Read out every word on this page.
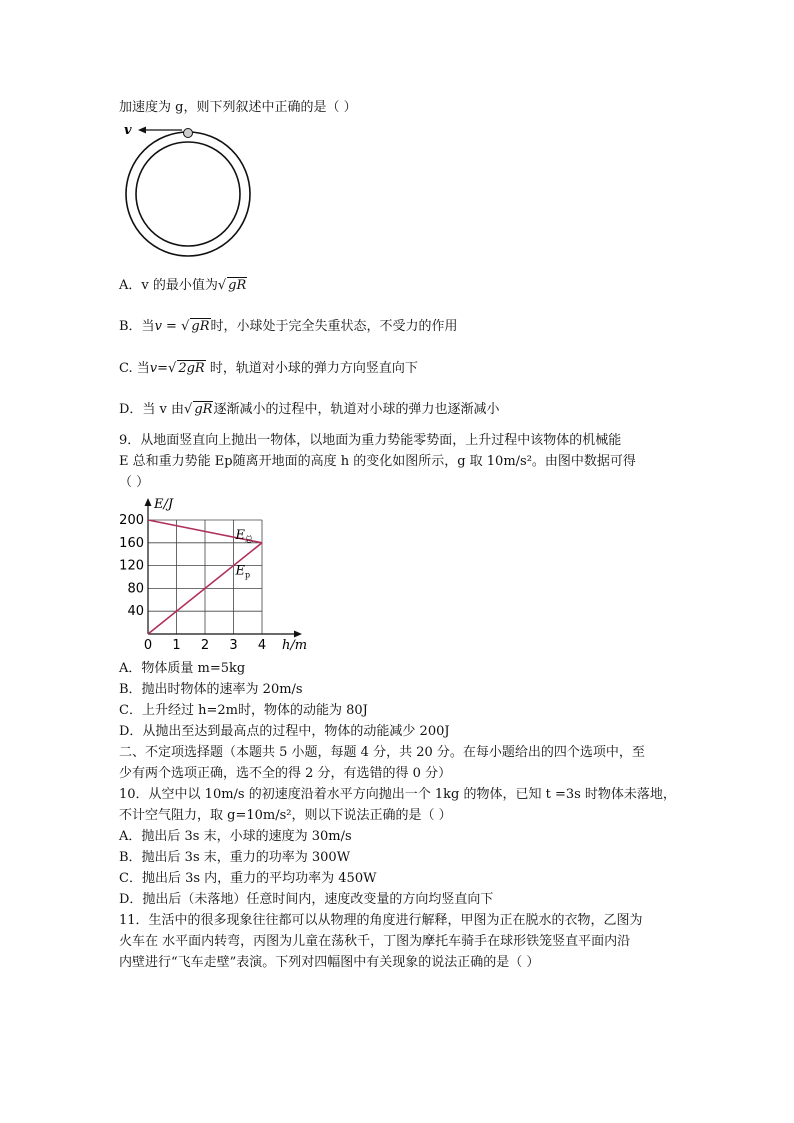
加速度为 g，则下列叙述中正确的是（ ）
v
A．v 的最小值为√ gR
B．当v = √ gR时，小球处于完全失重状态，不受力的作用
C. 当v=√ 2gR 时，轨道对小球的弹力方向竖直向下
D．当 v 由√ gR逐渐减小的过程中，轨道对小球的弹力也逐渐减小
9．从地面竖直向上抛出一物体，以地面为重力势能零势面，上升过程中该物体的机械能
E 总和重力势能 Ep随离开地面的高度 h 的变化如图所示，g 取 10m/s²。由图中数据可得
（ ）
0 1 2 3 4
40
80
120
160
200
E/J
h/m
$E_总$
$E_p$
A．物体质量 m=5kg
B．抛出时物体的速率为 20m/s
C．上升经过 h=2m时，物体的动能为 80J
D．从抛出至达到最高点的过程中，物体的动能减少 200J
二、不定项选择题（本题共 5 小题，每题 4 分，共 20 分。在每小题给出的四个选项中，至
少有两个选项正确，选不全的得 2 分，有选错的得 0 分）
10．从空中以 10m/s 的初速度沿着水平方向抛出一个 1kg 的物体，已知 t =3s 时物体未落地，
不计空气阻力，取 g=10m/s²，则以下说法正确的是（ ）
A．抛出后 3s 末，小球的速度为 30m/s
B．抛出后 3s 末，重力的功率为 300W
C．抛出后 3s 内，重力的平均功率为 450W
D．抛出后（未落地）任意时间内，速度改变量的方向均竖直向下
11．生活中的很多现象往往都可以从物理的角度进行解释，甲图为正在脱水的衣物，乙图为
火车在 水平面内转弯，丙图为儿童在荡秋千，丁图为摩托车骑手在球形铁笼竖直平面内沿
内壁进行“飞车走壁”表演。下列对四幅图中有关现象的说法正确的是（ ）
